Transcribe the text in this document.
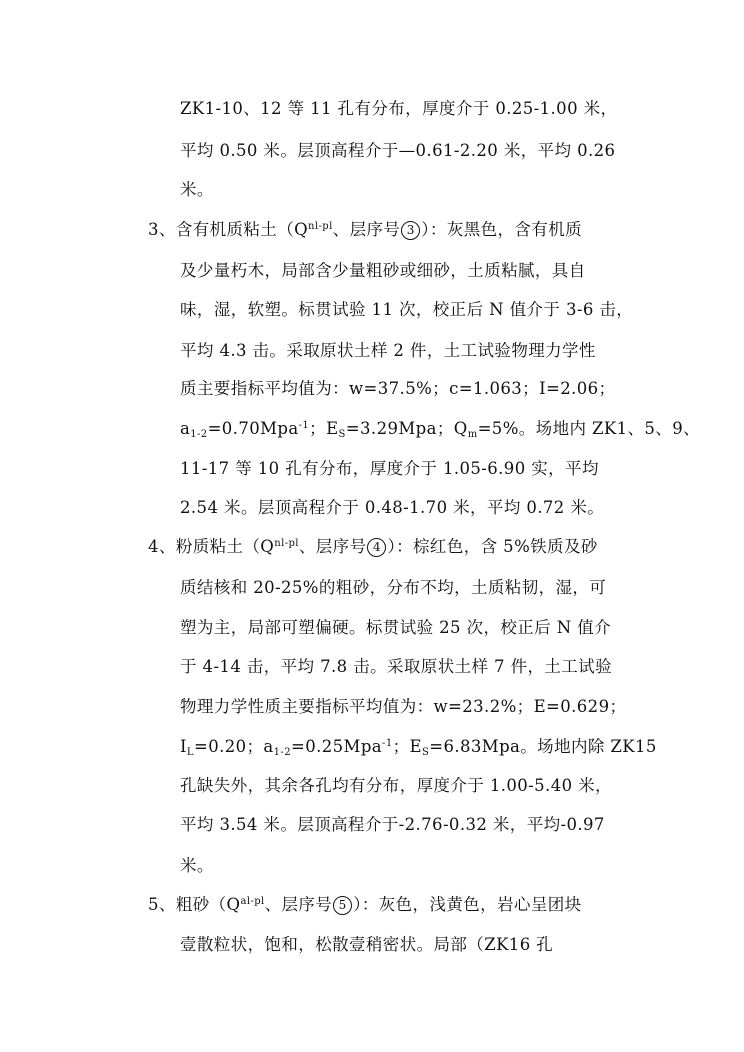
ZK1-10、12 等 11 孔有分布，厚度介于 0.25-1.00 米，
平均 0.50 米。层顶高程介于—0.61-2.20 米，平均 0.26
米。
3、含有机质粘土（$Q^{nl-pl}$、层序号 3 ）：灰黑色，含有机质
及少量朽木，局部含少量粗砂或细砂，土质粘腻，具自
味，湿，软塑。标贯试验 11 次，校正后 N 值介于 3-6 击，
平均 4.3 击。采取原状土样 2 件，土工试验物理力学性
质主要指标平均值为：w=37.5%；c=1.063；I=2.06；
$a_{1-2}=0.70Mpa^{-1}$；$E_S=3.29Mpa$；$Q_m=5\%$。场地内 ZK1、5、9、
11-17 等 10 孔有分布，厚度介于 1.05-6.90 实，平均
2.54 米。层顶高程介于 0.48-1.70 米，平均 0.72 米。
4、粉质粘土（$Q^{nl-pl}$、层序号 4 ）：棕红色，含 5%铁质及砂
质结核和 20-25%的粗砂，分布不均，土质粘韧，湿，可
塑为主，局部可塑偏硬。标贯试验 25 次，校正后 N 值介
于 4-14 击，平均 7.8 击。采取原状土样 7 件，土工试验
物理力学性质主要指标平均值为：w=23.2%；E=0.629；
$I_L=0.20$；$a_{1-2}=0.25Mpa^{-1}$；$E_S=6.83Mpa$。场地内除 ZK15
孔缺失外，其余各孔均有分布，厚度介于 1.00-5.40 米，
平均 3.54 米。层顶高程介于-2.76-0.32 米，平均-0.97
米。
5、粗砂（$Q^{al-pl}$、层序号 5 ）：灰色，浅黄色，岩心呈团块
壹散粒状，饱和，松散壹稍密状。局部（ZK16 孔
